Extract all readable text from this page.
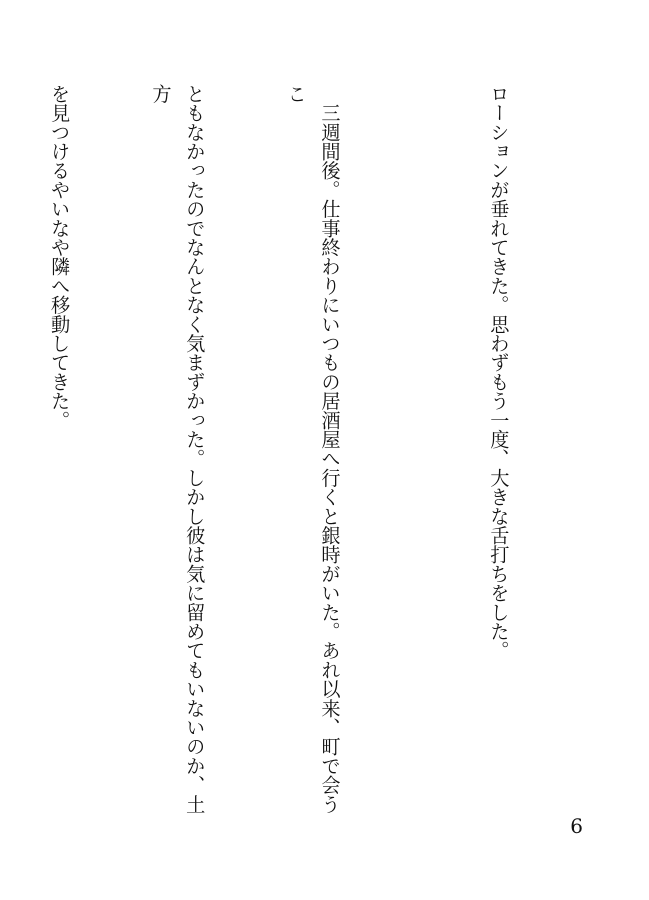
ローションが垂れてきた。思わずもう一度、大きな舌打ちをした。

　三週間後。仕事終わりにいつもの居酒屋へ行くと銀時がいた。あれ以来、町で会うこ

ともなかったのでなんとなく気まずかった。しかし彼は気に留めてもいないのか、土方

を見つけるやいなや隣へ移動してきた。

6
